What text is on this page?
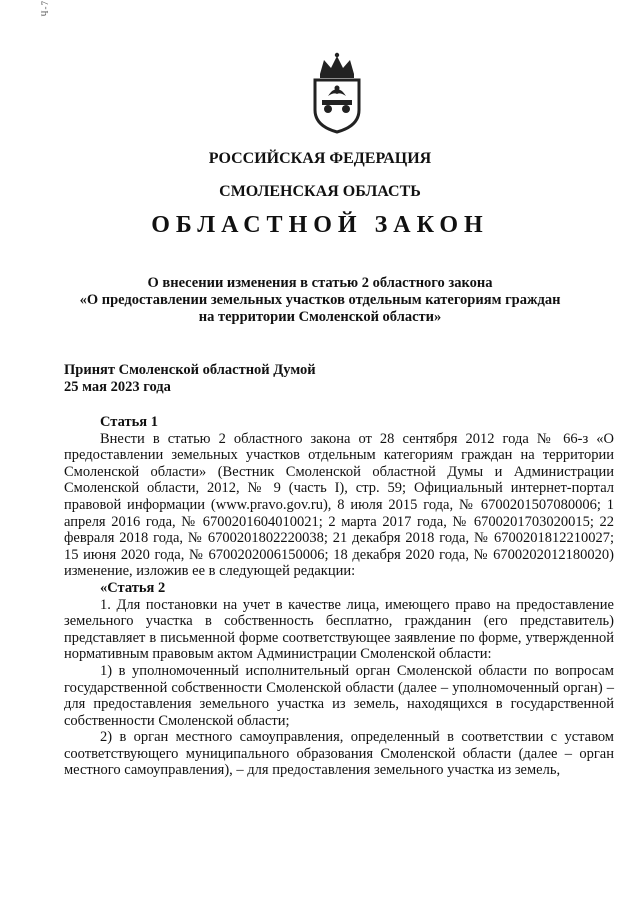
Ч-7
РОССИЙСКАЯ ФЕДЕРАЦИЯ
СМОЛЕНСКАЯ ОБЛАСТЬ
ОБЛАСТНОЙ ЗАКОН
О внесении изменения в статью 2 областного закона
«О предоставлении земельных участков отдельным категориям граждан
на территории Смоленской области»
Принят Смоленской областной Думой
25 мая 2023 года

Статья 1

Внести в статью 2 областного закона от 28 сентября 2012 года № 66-з «О предоставлении земельных участков отдельным категориям граждан на территории Смоленской области» (Вестник Смоленской областной Думы и Администрации Смоленской области, 2012, № 9 (часть I), стр. 59; Официальный интернет-портал правовой информации (www.pravo.gov.ru), 8 июля 2015 года, № 6700201507080006; 1 апреля 2016 года, № 6700201604010021; 2 марта 2017 года, № 6700201703020015; 22 февраля 2018 года, № 6700201802220038; 21 декабря 2018 года, № 6700201812210027; 15 июня 2020 года, № 6700202006150006; 18 декабря 2020 года, № 6700202012180020) изменение, изложив ее в следующей редакции:

«Статья 2

1. Для постановки на учет в качестве лица, имеющего право на предоставление земельного участка в собственность бесплатно, гражданин (его представитель) представляет в письменной форме соответствующее заявление по форме, утвержденной нормативным правовым актом Администрации Смоленской области:

1) в уполномоченный исполнительный орган Смоленской области по вопросам государственной собственности Смоленской области (далее – уполномоченный орган) – для предоставления земельного участка из земель, находящихся в государственной собственности Смоленской области;

2) в орган местного самоуправления, определенный в соответствии с уставом соответствующего муниципального образования Смоленской области (далее – орган местного самоуправления), – для предоставления земельного участка из земель,
